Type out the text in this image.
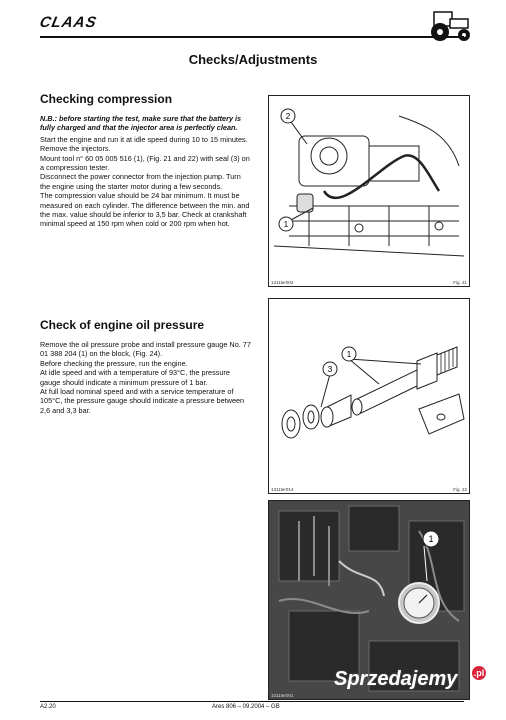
CLAAS
Checks/Adjustments
Checking compression

N.B.: before starting the test, make sure that the battery is fully charged and that the injector area is perfectly clean.

Start the engine and run it at idle speed during 10 to 15 minutes.

Remove the injectors.

Mount tool n° 60 05 005 516 (1), (Fig. 21 and 22) with seal (3) on a compression tester.

Disconnect the power connector from the injection pump. Turn the engine using the starter motor during a few seconds.

The compression value should be 24 bar minimum. It must be measured on each cylinder. The difference between the min. and the max. value should be inferior to 3,5 bar. Check at crankshaft minimal speed at 150 rpm when cold or 200 rpm when hot.

Check of engine oil pressure

Remove the oil pressure probe and install pressure gauge No. 77 01 388 204 (1) on the block, (Fig. 24).

Before checking the pressure, run the engine.

At idle speed and with a temperature of 93°C, the pressure gauge should indicate a minimum pressure of 1 bar.

At full load nominal speed and with a service temperature of 105°C, the pressure gauge should indicate a pressure between 2,6 and 3,3 bar.

2
1
1311ter002	Fig. 21
1
3
1311ter014	Fig. 22
1
1011ter001
A2.20	Ares 806 – 09.2004 – GB
Sprzedajemy .pl
